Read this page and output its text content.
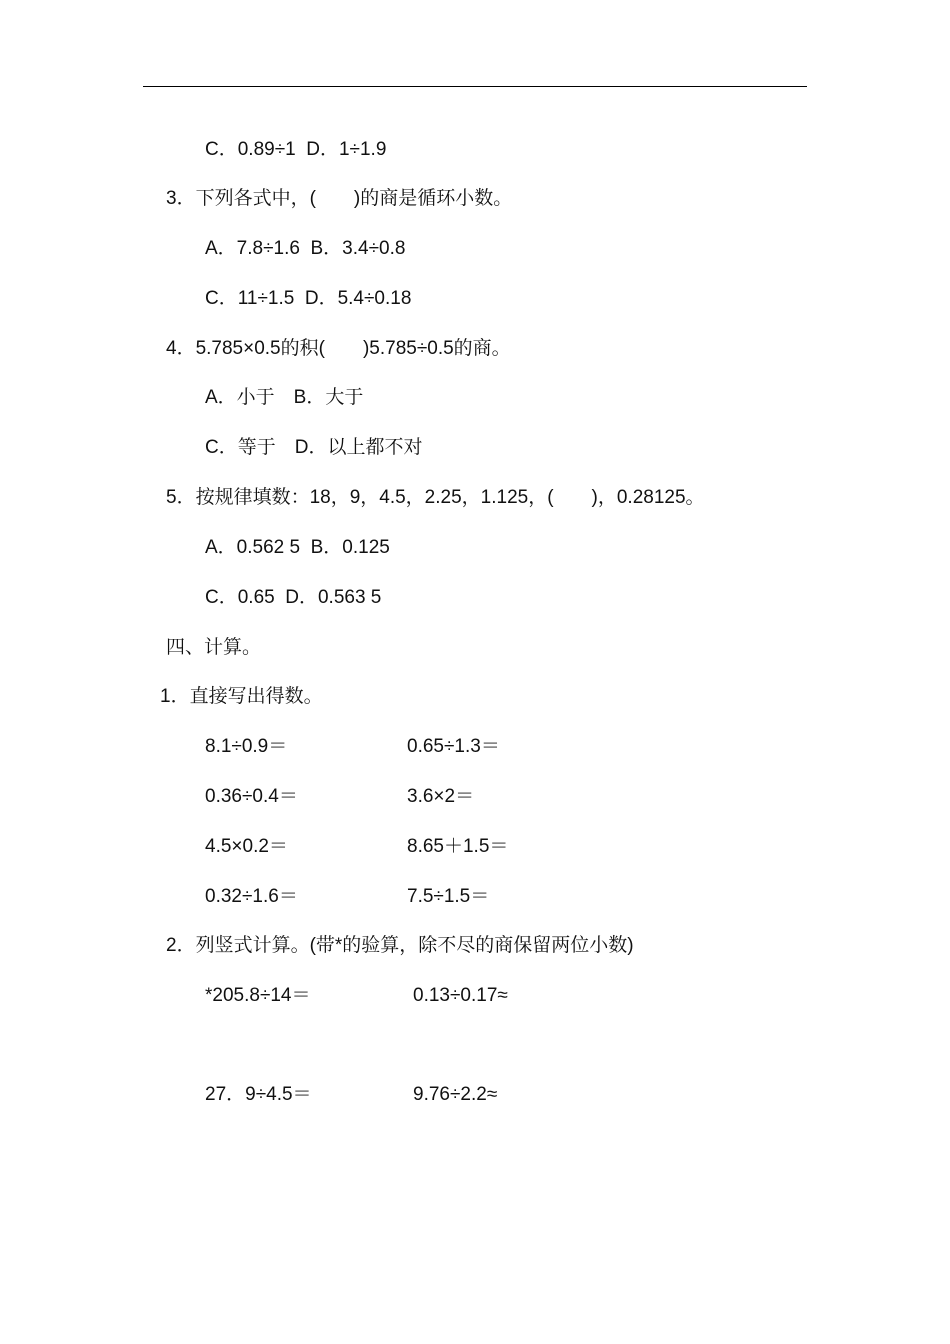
C．0.89÷1  D．1÷1.9
3．下列各式中，(　　)的商是循环小数。
A．7.8÷1.6  B．3.4÷0.8
C．11÷1.5  D．5.4÷0.18
4．5.785×0.5的积(　　)5.785÷0.5的商。
A．小于　B．大于
C．等于　D．以上都不对
5．按规律填数：18，9，4.5，2.25，1.125，(　　)，0.28125。
A．0.562 5  B．0.125
C．0.65  D．0.563 5
四、计算。
1．直接写出得数。
8.1÷0.9＝	0.65÷1.3＝
0.36÷0.4＝	3.6×2＝
4.5×0.2＝	8.65＋1.5＝
0.32÷1.6＝	7.5÷1.5＝
2．列竖式计算。(带*的验算，除不尽的商保留两位小数)
*205.8÷14＝	0.13÷0.17≈
27．9÷4.5＝	9.76÷2.2≈
